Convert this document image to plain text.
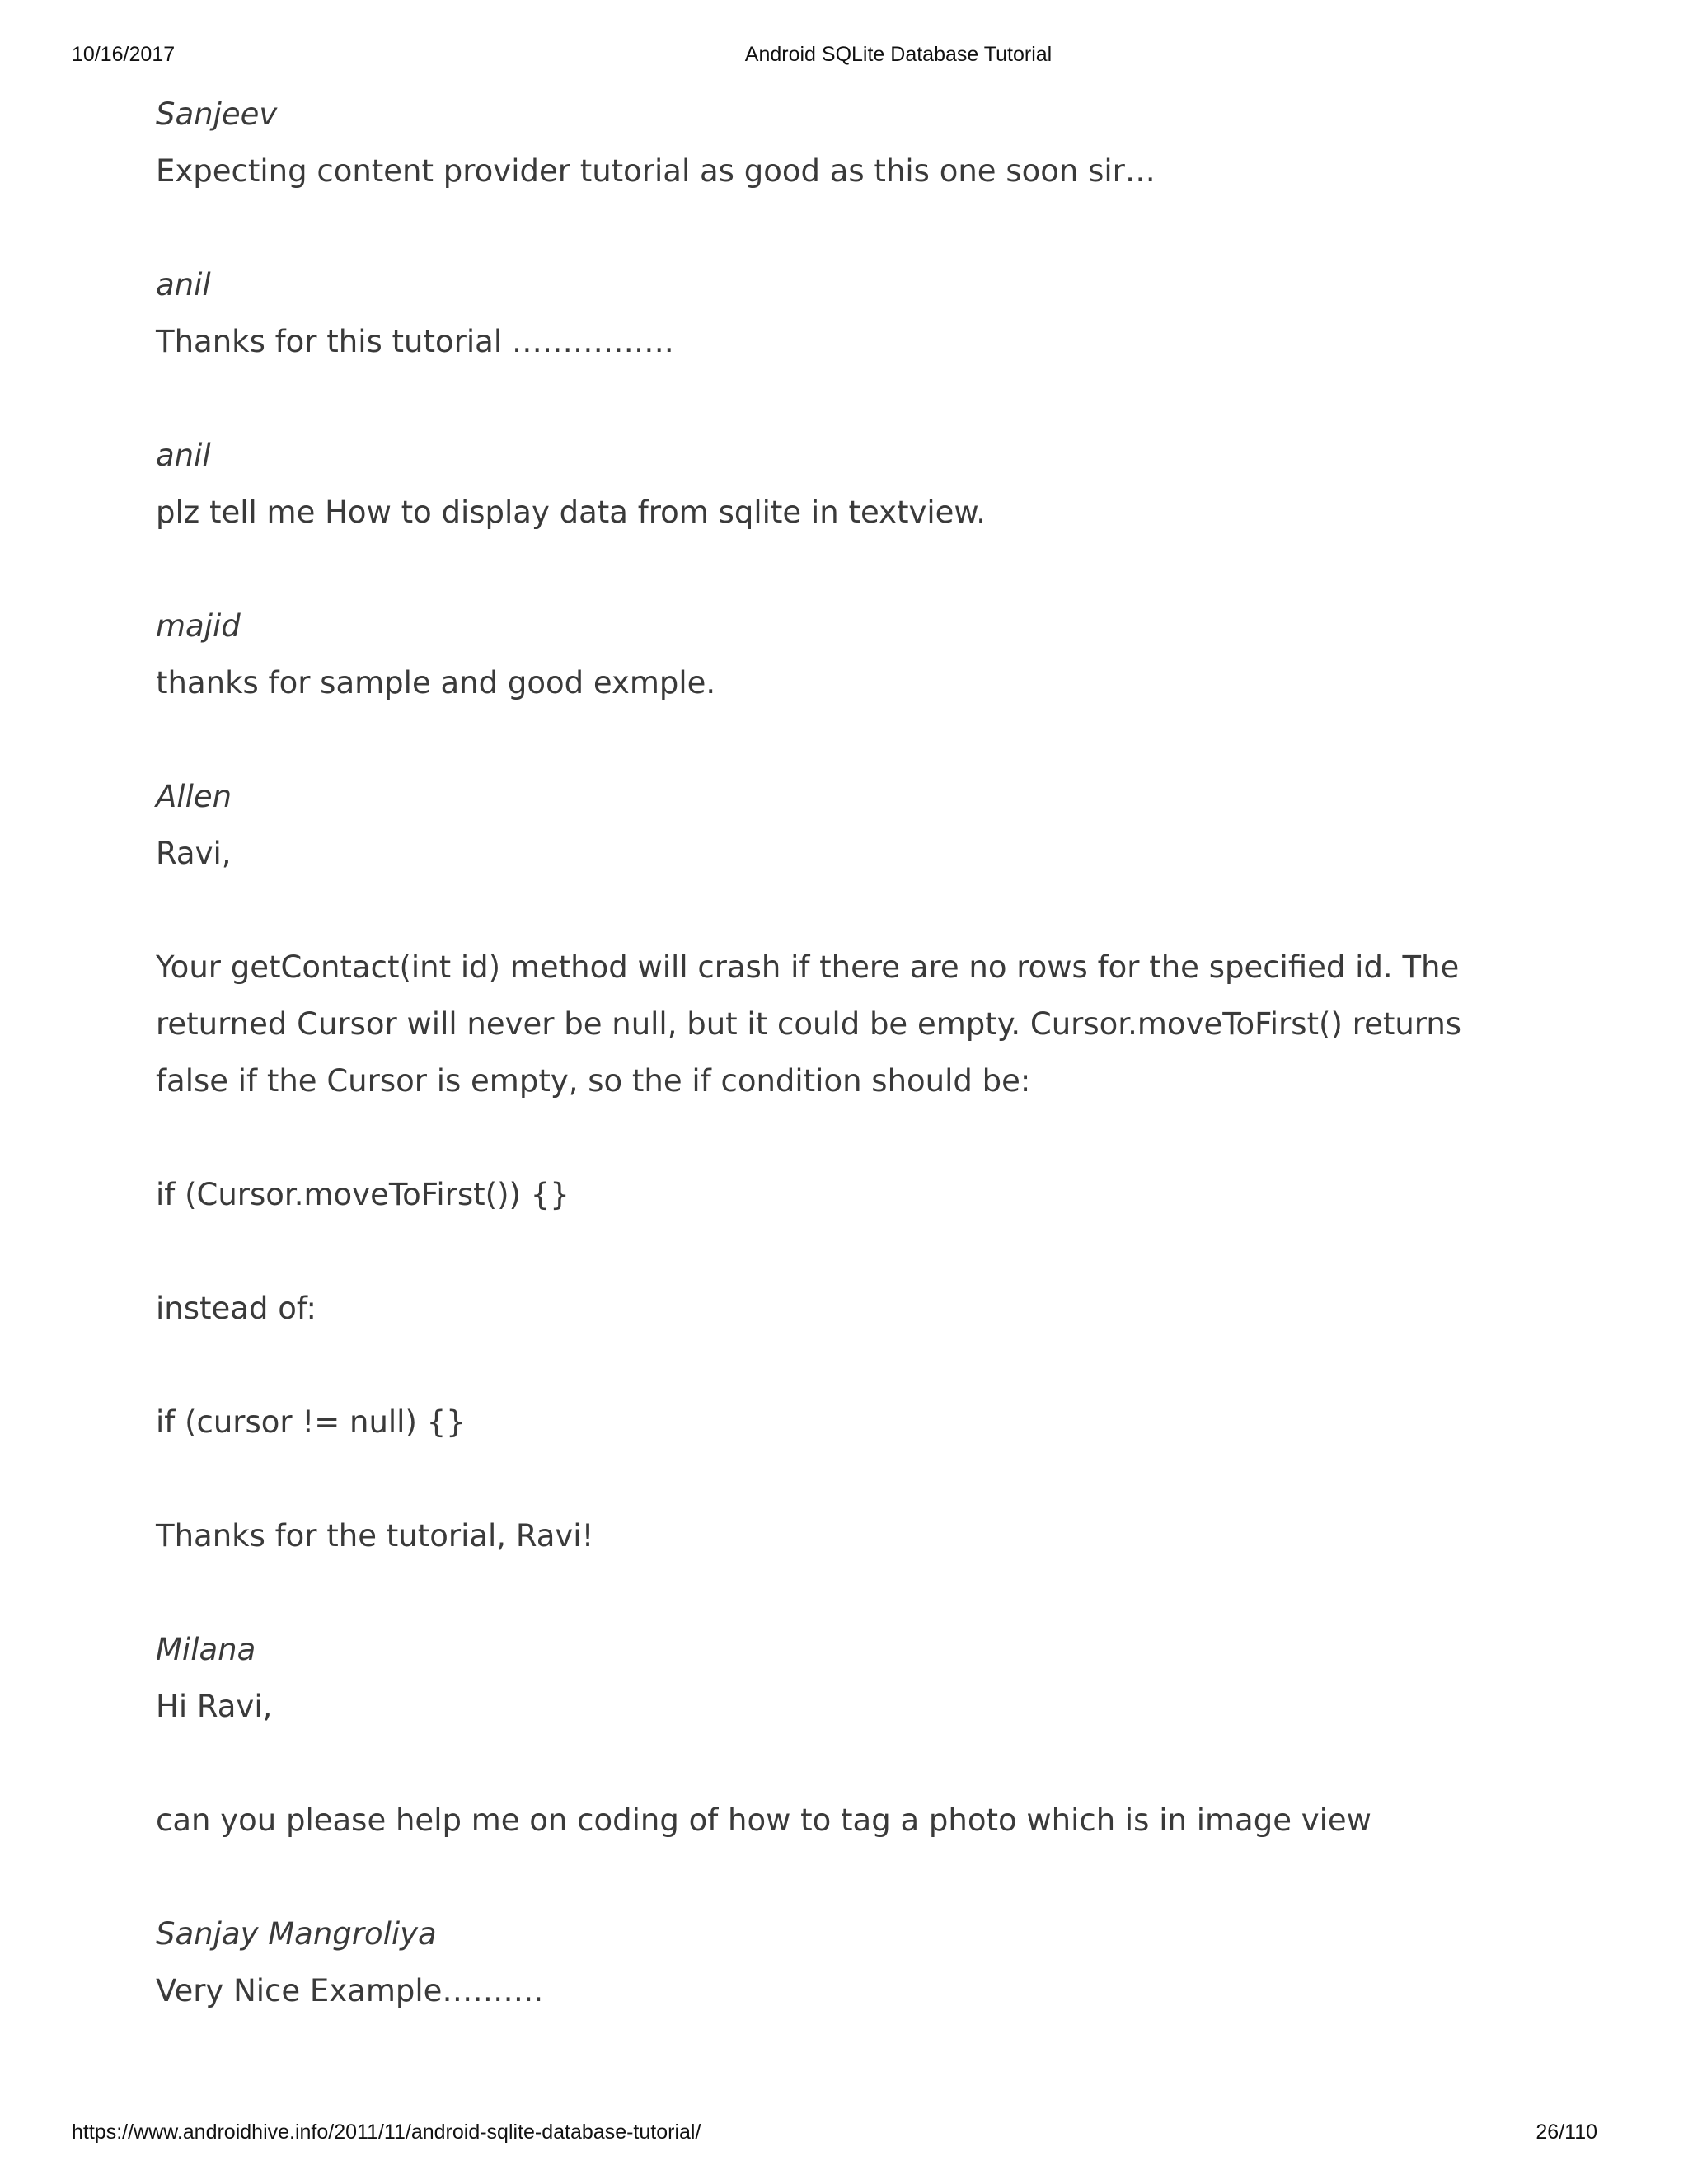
10/16/2017	Android SQLite Database Tutorial
Sanjeev

Expecting content provider tutorial as good as this one soon sir…

anil

Thanks for this tutorial …………….

anil

plz tell me How to display data from sqlite in textview.

majid

thanks for sample and good exmple.

Allen

Ravi,

Your getContact(int id) method will crash if there are no rows for the specified id. The returned Cursor will never be null, but it could be empty. Cursor.moveToFirst() returns false if the Cursor is empty, so the if condition should be:

if (Cursor.moveToFirst()) {}

instead of:

if (cursor != null) {}

Thanks for the tutorial, Ravi!

Milana

Hi Ravi,

can you please help me on coding of how to tag a photo which is in image view

Sanjay Mangroliya

Very Nice Example……….

https://www.androidhive.info/2011/11/android-sqlite-database-tutorial/	26/110
